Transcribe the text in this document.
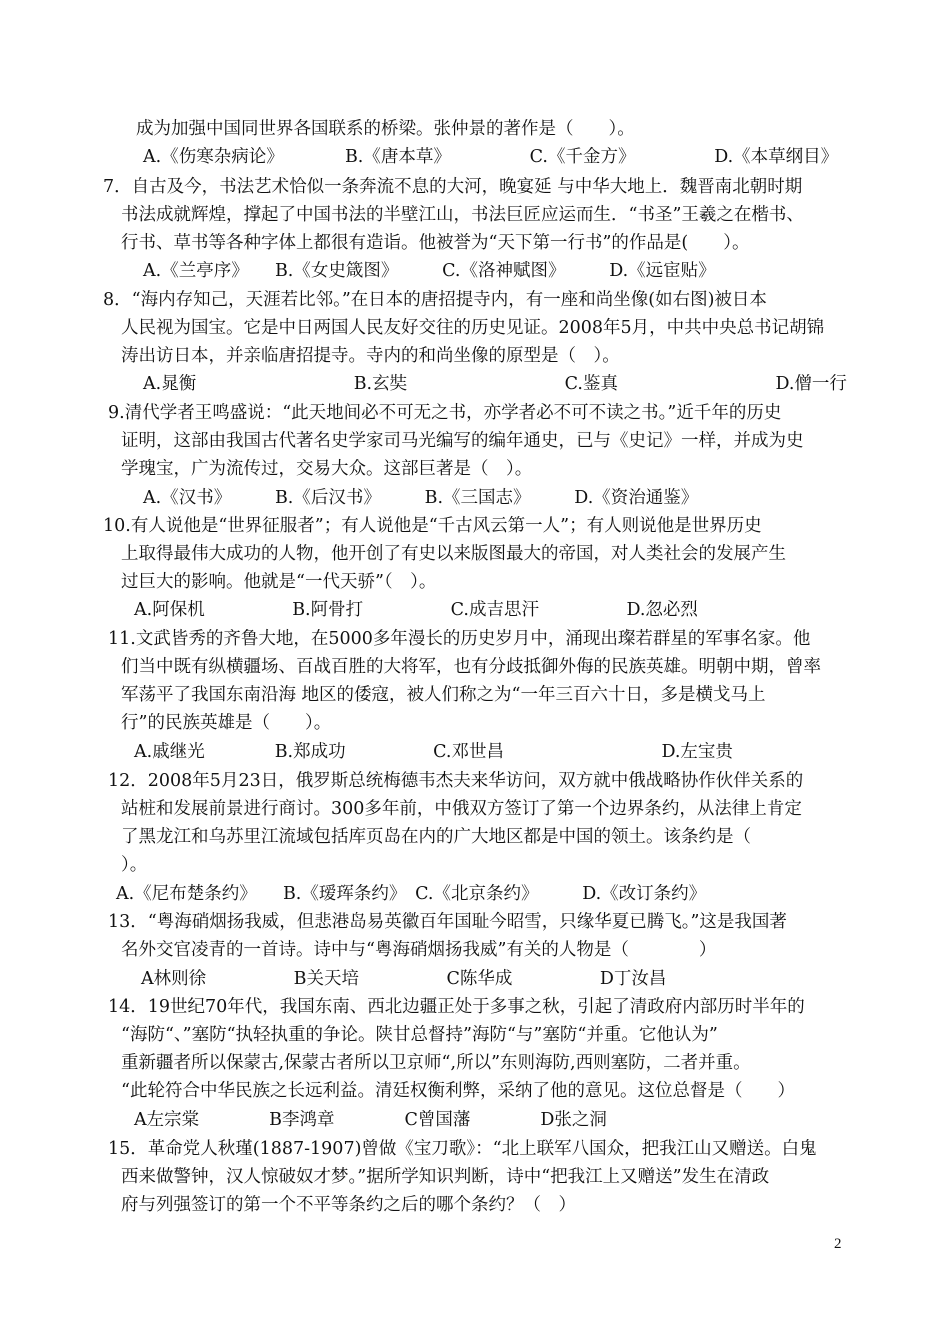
成为加强中国同世界各国联系的桥梁。张仲景的著作是（　　）。
A.《伤寒杂病论》　　　　B.《唐本草》　　　　　C.《千金方》　　　　　D.《本草纲目》
7．自古及今，书法艺术恰似一条奔流不息的大河，晚宴延 与中华大地上．魏晋南北朝时期
书法成就辉煌，撑起了中国书法的半壁江山，书法巨匠应运而生．“书圣”王羲之在楷书、
行书、草书等各种字体上都很有造诣。他被誉为“天下第一行书”的作品是(　　）。
A.《兰亭序》　　B.《女史箴图》　　　C.《洛神赋图》　　　D.《远宦贴》
8．“海内存知己，天涯若比邻。”在日本的唐招提寺内，有一座和尚坐像(如右图)被日本
人民视为国宝。它是中日两国人民友好交往的历史见证。2008年5月，中共中央总书记胡锦
涛出访日本，并亲临唐招提寺。寺内的和尚坐像的原型是（　）。
A.晁衡　　　　　　　　　B.玄奘　　　　　　　　　C.鉴真　　　　　　　　　D.僧一行
9.清代学者王鸣盛说：“此天地间必不可无之书，亦学者必不可不读之书。”近千年的历史
证明，这部由我国古代著名史学家司马光编写的编年通史，已与《史记》一样，并成为史
学瑰宝，广为流传过，交易大众。这部巨著是（　）。
A.《汉书》　　　B.《后汉书》　　　B.《三国志》　　　D.《资治通鉴》
10.有人说他是“世界征服者”；有人说他是“千古风云第一人”；有人则说他是世界历史
上取得最伟大成功的人物，他开创了有史以来版图最大的帝国，对人类社会的发展产生
过巨大的影响。他就是“一代天骄”（　）。
A.阿保机　　　　　B.阿骨打　　　　　C.成吉思汗　　　　　D.忽必烈
11.文武皆秀的齐鲁大地，在5000多年漫长的历史岁月中，涌现出璨若群星的军事名家。他
们当中既有纵横疆场、百战百胜的大将军，也有分歧抵御外侮的民族英雄。明朝中期，曾率
军荡平了我国东南沿海 地区的倭寇，被人们称之为“一年三百六十日，多是横戈马上
行”的民族英雄是（　　）。
A.戚继光　　　　B.郑成功　　　　　C.邓世昌　　　　　　　　　D.左宝贵
12．2008年5月23日，俄罗斯总统梅德韦杰夫来华访问，双方就中俄战略协作伙伴关系的
站桩和发展前景进行商讨。300多年前，中俄双方签订了第一个边界条约，从法律上肯定
了黑龙江和乌苏里江流域包括库页岛在内的广大地区都是中国的领土。该条约是（
）。
A.《尼布楚条约》　　B.《瑷珲条约》　C.《北京条约》　　　D.《改订条约》
13．“粤海硝烟扬我威，但悲港岛易英徽百年国耻今昭雪，只缘华夏已腾飞。”这是我国著
名外交官凌青的一首诗。诗中与“粤海硝烟扬我威”有关的人物是（　　　　）
A林则徐　　　　　B关天培　　　　　C陈华成　　　　　D丁汝昌
14．19世纪70年代，我国东南、西北边疆正处于多事之秋，引起了清政府内部历时半年的
“海防“、”塞防“执轻执重的争论。陕甘总督持”海防“与”塞防“并重。它他认为”
重新疆者所以保蒙古,保蒙古者所以卫京师“,所以”东则海防,西则塞防，二者并重。
“此轮符合中华民族之长远利益。清廷权衡利弊，采纳了他的意见。这位总督是（　　）
A左宗棠　　　　B李鸿章　　　　C曾国藩　　　　D张之洞
15．革命党人秋瑾(1887-1907)曾做《宝刀歌》：“北上联军八国众，把我江山又赠送。白鬼
西来做警钟，汉人惊破奴才梦。”据所学知识判断，诗中“把我江上又赠送”发生在清政
府与列强签订的第一个不平等条约之后的哪个条约？（　）
2
